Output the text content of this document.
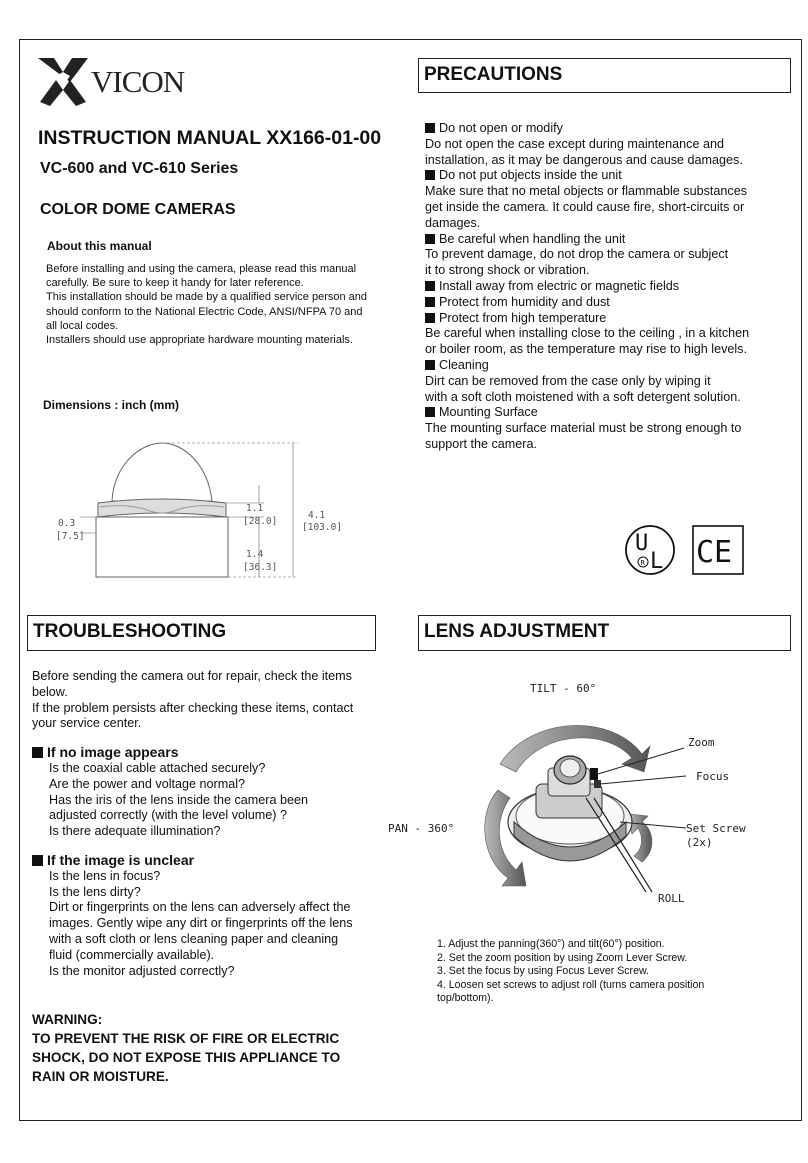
VICON
INSTRUCTION MANUAL XX166-01-00
VC-600 and VC-610 Series
COLOR DOME CAMERAS
About this manual
Before installing and using the camera, please read this manual
carefully. Be sure to keep it handy for later reference.
This installation should be made by a qualified service person and
should conform to the National Electric Code, ANSI/NFPA 70 and
all local codes.
Installers should use appropriate hardware mounting materials.
Dimensions : inch (mm)
1.1
[28.0]
4.1
[103.0]
0.3
[7.5]
1.4
[36.3]
PRECAUTIONS
Do not open or modify
Do not open the case except during maintenance and
installation, as it may be dangerous and cause damages.
Do not put objects inside the unit
Make sure that no metal objects or flammable substances
get inside the camera. It could cause fire, short-circuits or
damages.
Be careful when handling the unit
To prevent damage, do not drop the camera or subject
it to strong shock or vibration.
Install away from electric or magnetic fields
Protect from humidity and dust
Protect from high temperature
Be careful when installing close to the ceiling , in a kitchen
or boiler room, as the temperature may rise to high levels.
Cleaning
Dirt can be removed from the case only by wiping it
with a soft cloth moistened with a soft detergent solution.
Mounting Surface
The mounting surface material must be strong enough to
support the camera.
U
L
R CE
TROUBLESHOOTING
Before sending the camera out for repair, check the items
below.
If the problem persists after checking these items, contact
your service center.
If no image appears
Is the coaxial cable attached securely?
Are the power and voltage normal?
Has the iris of the lens inside the camera been
adjusted correctly (with the level volume) ?
Is there adequate illumination?
If the image is unclear
Is the lens in focus?
Is the lens dirty?
Dirt or fingerprints on the lens can adversely affect the
images. Gently wipe any dirt or fingerprints off the lens
with a soft cloth or lens cleaning paper and cleaning
fluid (commercially available).
Is the monitor adjusted correctly?
WARNING:
TO PREVENT THE RISK OF FIRE OR ELECTRIC
SHOCK, DO NOT EXPOSE THIS APPLIANCE TO
RAIN OR MOISTURE.
LENS ADJUSTMENT
TILT - 60°
PAN - 360°
Zoom
Focus
Set Screw
(2x)
ROLL
1. Adjust the panning(360°) and tilt(60°) position.
2. Set the zoom position by using Zoom Lever Screw.
3. Set the focus by using Focus Lever Screw.
4. Loosen set screws to adjust roll (turns camera position
top/bottom).
